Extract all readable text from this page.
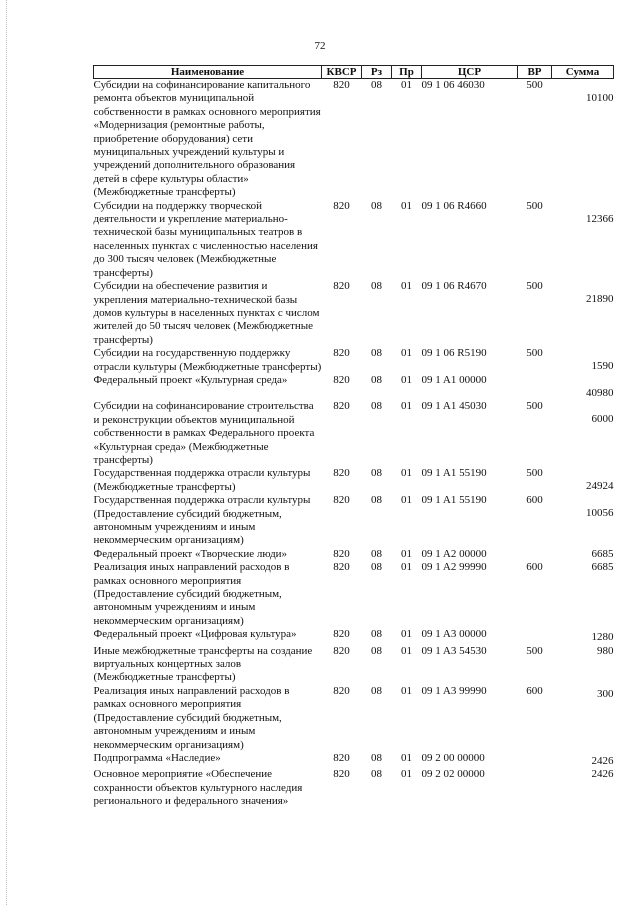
72
Наименование	КВСР	Рз	Пр	ЦСР	ВР	Сумма
Субсидии на софинансирование капитального ремонта объектов муниципальной собственности в рамках основного мероприятия «Модернизация (ремонтные работы, приобретение оборудования) сети муниципальных учреждений культуры и учреждений дополнительного образования детей в сфере культуры области» (Межбюджетные трансферты)	820	08	01	09 1 06 46030	500	10100

Субсидии на поддержку творческой деятельности и укрепление материально-технической базы муниципальных театров в населенных пунктах с численностью населения до 300 тысяч человек (Межбюджетные трансферты)	820	08	01	09 1 06 R4660	500	12366

Субсидии на обеспечение развития и укрепления материально-технической базы домов культуры в населенных пунктах с числом жителей до 50 тысяч человек (Межбюджетные трансферты)	820	08	01	09 1 06 R4670	500	21890

Субсидии на государственную поддержку отрасли культуры (Межбюджетные трансферты)	820	08	01	09 1 06 R5190	500	1590

Федеральный проект «Культурная среда»	820	08	01	09 1 A1 00000		40980

Субсидии на софинансирование строительства и реконструкции объектов муниципальной собственности в рамках Федерального проекта «Культурная среда» (Межбюджетные трансферты)	820	08	01	09 1 A1 45030	500	6000

Государственная поддержка отрасли культуры (Межбюджетные трансферты)	820	08	01	09 1 A1 55190	500	24924

Государственная поддержка отрасли культуры (Предоставление субсидий бюджетным, автономным учреждениям и иным некоммерческим организациям)	820	08	01	09 1 A1 55190	600	10056

Федеральный проект «Творческие люди»	820	08	01	09 1 A2 00000		6685
Реализация иных направлений расходов в рамках основного мероприятия (Предоставление субсидий бюджетным, автономным учреждениям и иным некоммерческим организациям)	820	08	01	09 1 A2 99990	600	6685
Федеральный проект «Цифровая культура»	820	08	01	09 1 A3 00000		1280

Иные межбюджетные трансферты на создание виртуальных концертных залов (Межбюджетные трансферты)	820	08	01	09 1 A3 54530	500	980
Реализация иных направлений расходов в рамках основного мероприятия (Предоставление субсидий бюджетным, автономным учреждениям и иным некоммерческим организациям)	820	08	01	09 1 A3 99990	600	300

Подпрограмма «Наследие»	820	08	01	09 2 00 00000		2426

Основное мероприятие «Обеспечение сохранности объектов культурного наследия регионального и федерального значения»	820	08	01	09 2 02 00000		2426
